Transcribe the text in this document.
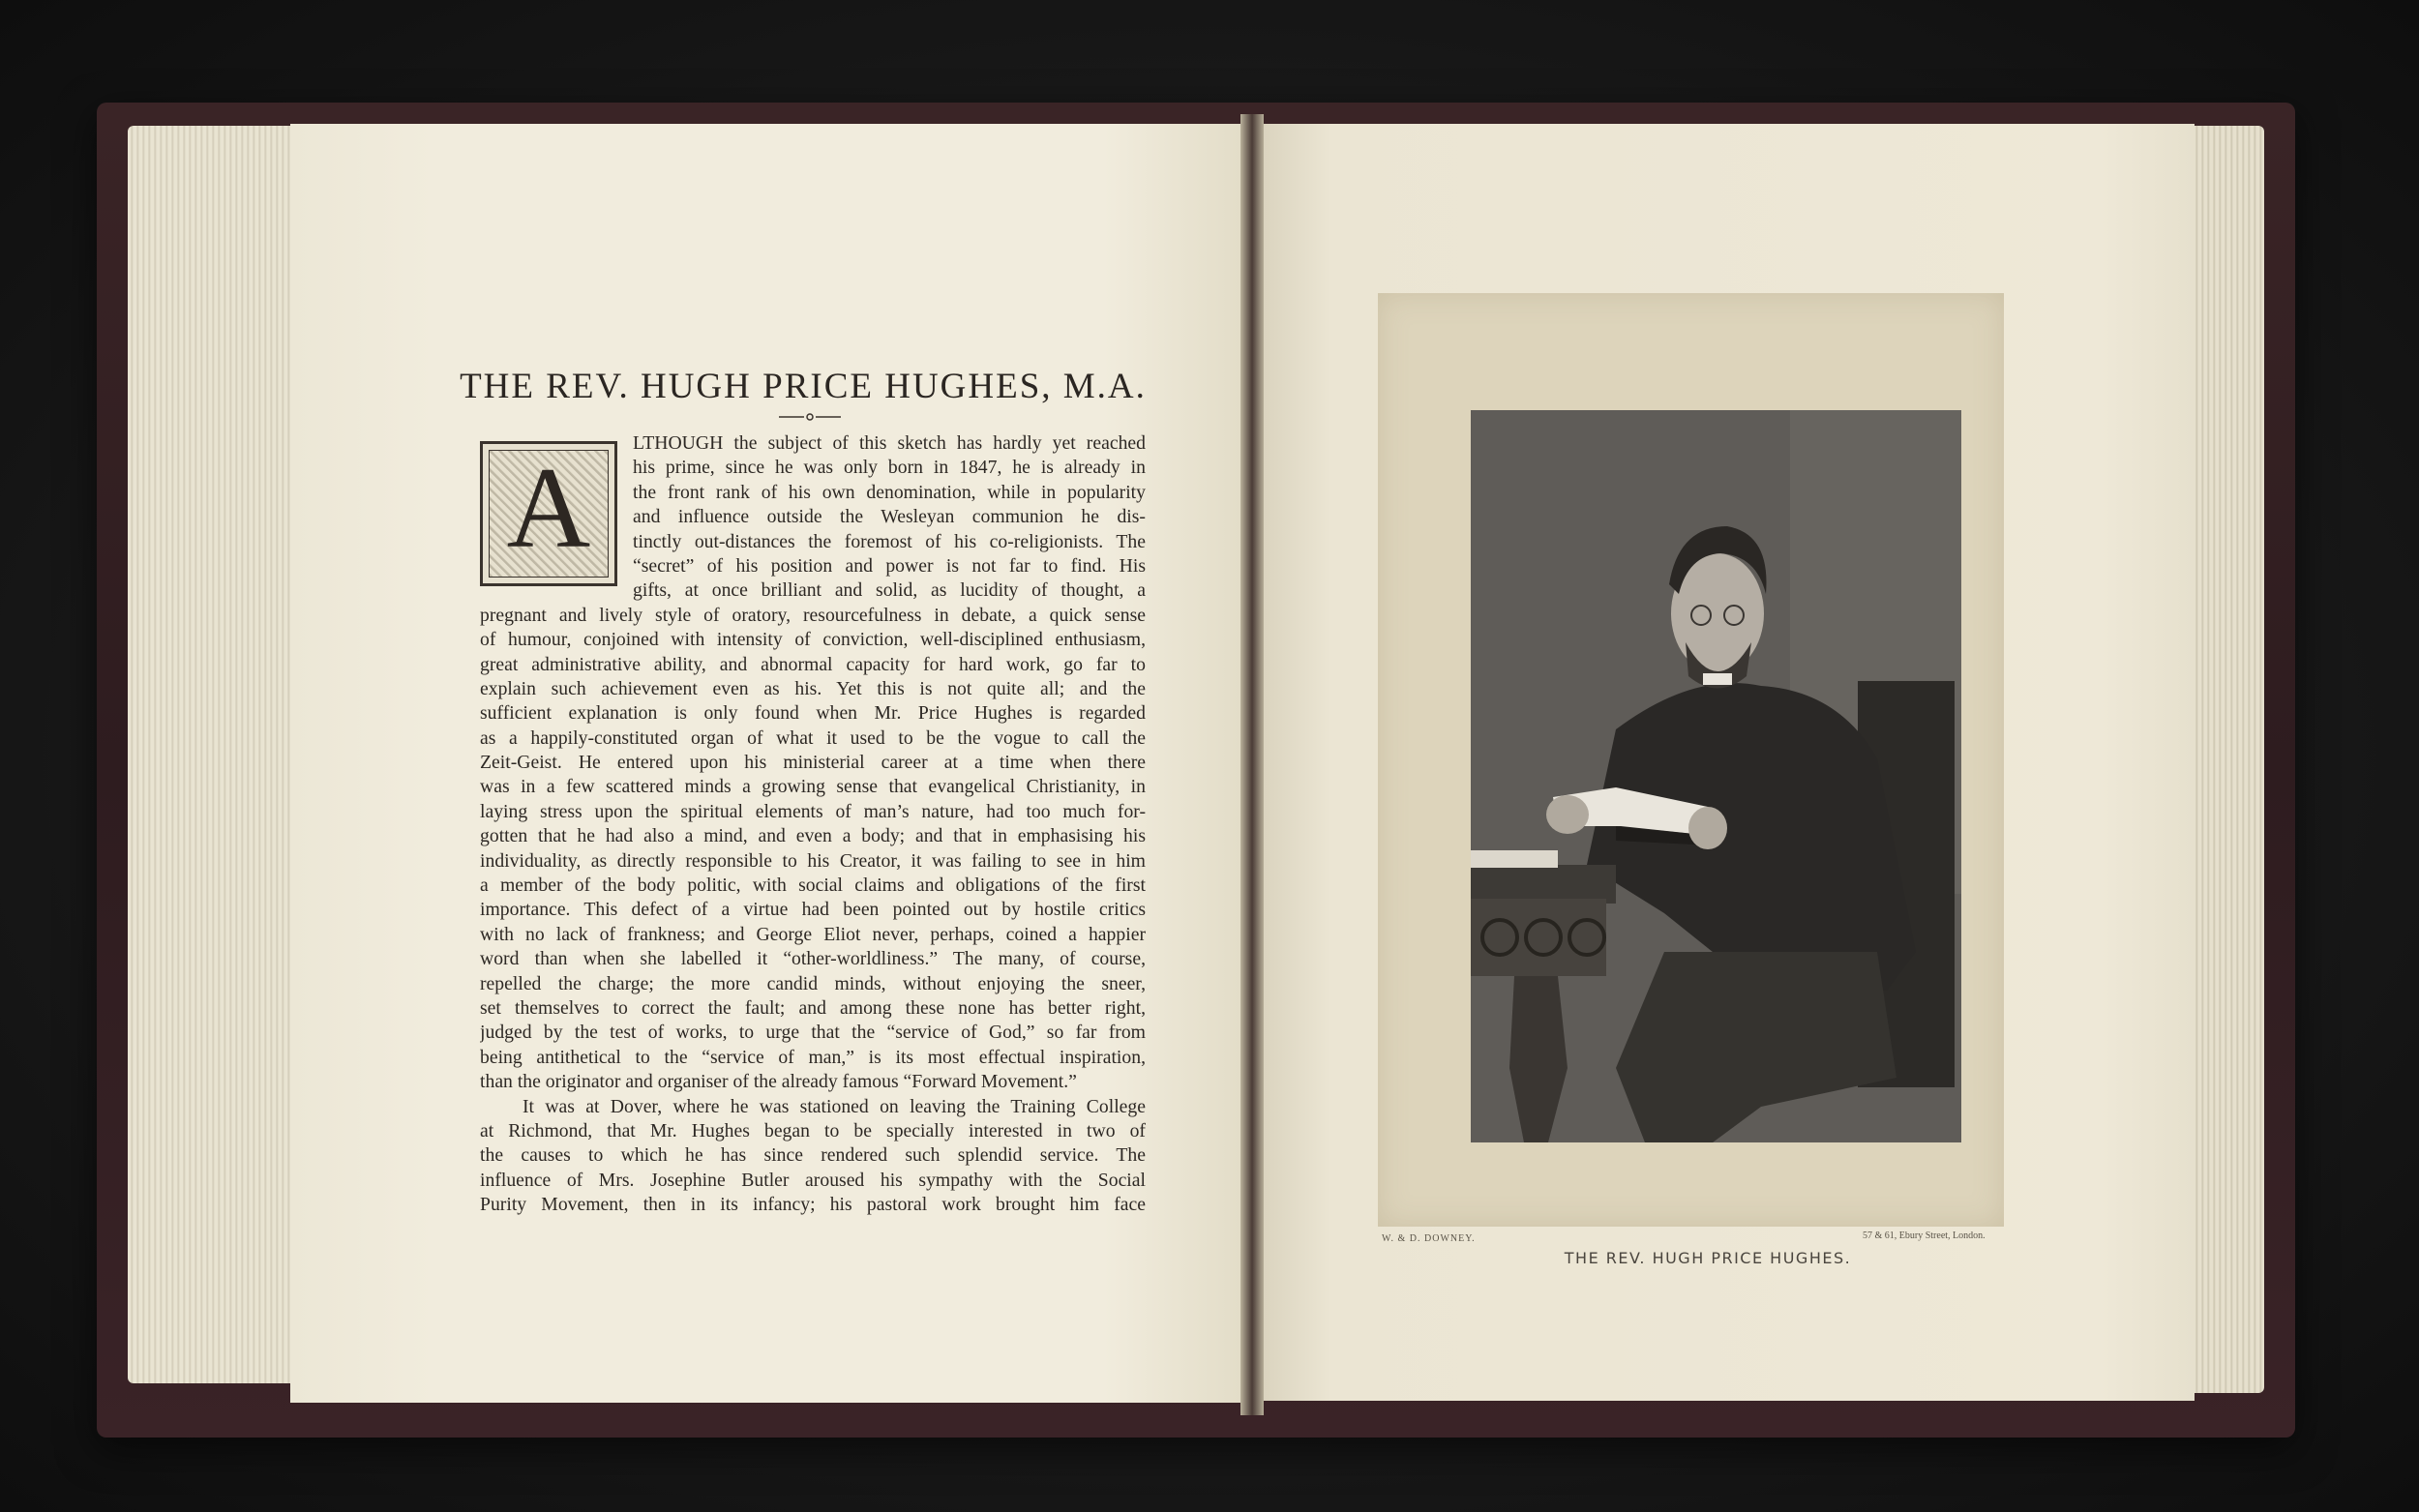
THE REV. HUGH PRICE HUGHES, M.A.
A	LTHOUGH the subject of this sketch has hardly yet reached
his prime, since he was only born in 1847, he is already in
the front rank of his own denomination, while in popularity
and influence outside the Wesleyan communion he dis-
tinctly out-distances the foremost of his co-religionists. The
“secret” of his position and power is not far to find. His
gifts, at once brilliant and solid, as lucidity of thought, a
pregnant and lively style of oratory, resourcefulness in debate, a quick sense
of humour, conjoined with intensity of conviction, well-disciplined enthusiasm,
great administrative ability, and abnormal capacity for hard work, go far to
explain such achievement even as his. Yet this is not quite all; and the
sufficient explanation is only found when Mr. Price Hughes is regarded
as a happily-constituted organ of what it used to be the vogue to call the
Zeit-Geist. He entered upon his ministerial career at a time when there
was in a few scattered minds a growing sense that evangelical Christianity, in
laying stress upon the spiritual elements of man’s nature, had too much for-
gotten that he had also a mind, and even a body; and that in emphasising his
individuality, as directly responsible to his Creator, it was failing to see in him
a member of the body politic, with social claims and obligations of the first
importance. This defect of a virtue had been pointed out by hostile critics
with no lack of frankness; and George Eliot never, perhaps, coined a happier
word than when she labelled it “other-worldliness.” The many, of course,
repelled the charge; the more candid minds, without enjoying the sneer,
set themselves to correct the fault; and among these none has better right,
judged by the test of works, to urge that the “service of God,” so far from
being antithetical to the “service of man,” is its most effectual inspiration,
than the originator and organiser of the already famous “Forward Movement.”
It was at Dover, where he was stationed on leaving the Training College
at Richmond, that Mr. Hughes began to be specially interested in two of
the causes to which he has since rendered such splendid service. The
influence of Mrs. Josephine Butler aroused his sympathy with the Social
Purity Movement, then in its infancy; his pastoral work brought him face
W. & D. DOWNEY.	57 & 61, Ebury Street, London.
THE REV. HUGH PRICE HUGHES.
